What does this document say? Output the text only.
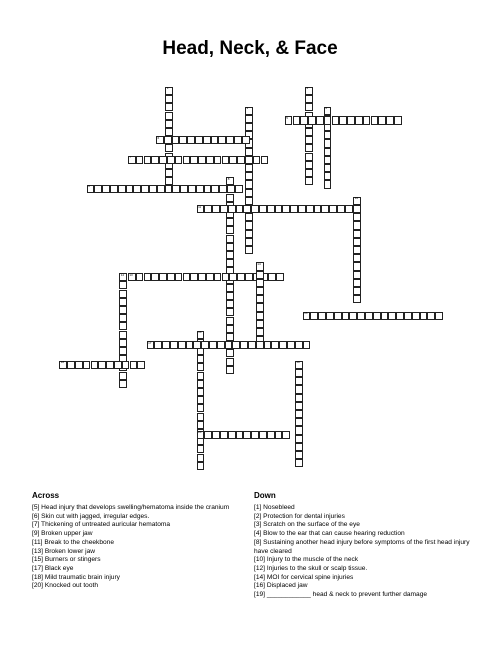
Head, Neck, & Face
1	2
3	4
5
6
7
8
9
10
11
12 13
14
15
16
17
18	19
20
Across
[5] Head injury that develops swelling/hematoma inside the cranium
[6] Skin cut with jagged, irregular edges.
[7] Thickening of untreated auricular hematoma
[9] Broken upper jaw
[11] Break to the cheekbone
[13] Broken lower jaw
[15] Burners or stingers
[17] Black eye
[18] Mild traumatic brain injury
[20] Knocked out tooth
Down
[1] Nosebleed
[2] Protection for dental injuries
[3] Scratch on the surface of the eye
[4] Blow to the ear that can cause hearing reduction
[8] Sustaining another head injury before symptoms of the first head injury have cleared
[10] Injury to the muscle of the neck
[12] Injuries to the skull or scalp tissue.
[14] MOI for cervical spine injuries
[16] Displaced jaw
[19] ____________ head & neck to prevent further damage
